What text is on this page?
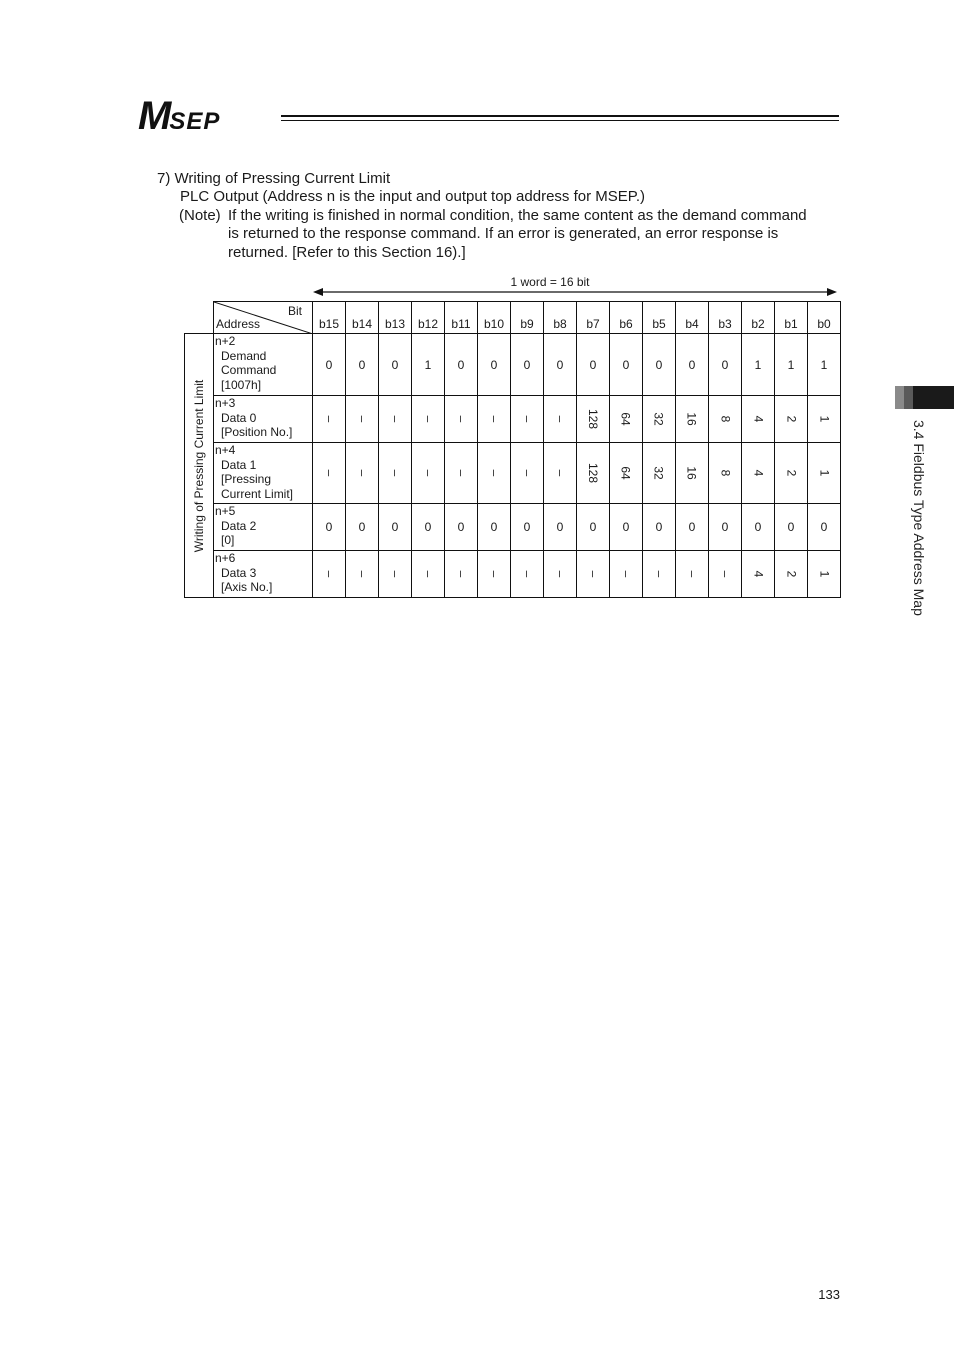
MSEP
7) Writing of Pressing Current Limit
PLC Output (Address n is the input and output top address for MSEP.)
(Note) If the writing is finished in normal condition, the same content as the demand command
is returned to the response command. If an error is generated, an error response is
returned. [Refer to this Section 16).]
1 word = 16 bit

	Bit
Address	b15	b14	b13	b12	b11	b10	b9	b8	b7	b6	b5	b4	b3	b2	b1	b0

Writing of Pressing Current Limit	n+2
Demand
Command
[1007h]	0	0	0	1	0	0	0	0	0	0	0	0	0	1	1	1

	n+3
Data 0
[Position No.]	–	–	–	–	–	–	–	–	128	64	32	16	8	4	2	1

	n+4
Data 1
[Pressing
Current Limit]	–	–	–	–	–	–	–	–	128	64	32	16	8	4	2	1

	n+5
Data 2
[0]	0	0	0	0	0	0	0	0	0	0	0	0	0	0	0	0

	n+6
Data 3
[Axis No.]	–	–	–	–	–	–	–	–	–	–	–	–	–	4	2	1	3.4 Fieldbus Type Address Map
133
